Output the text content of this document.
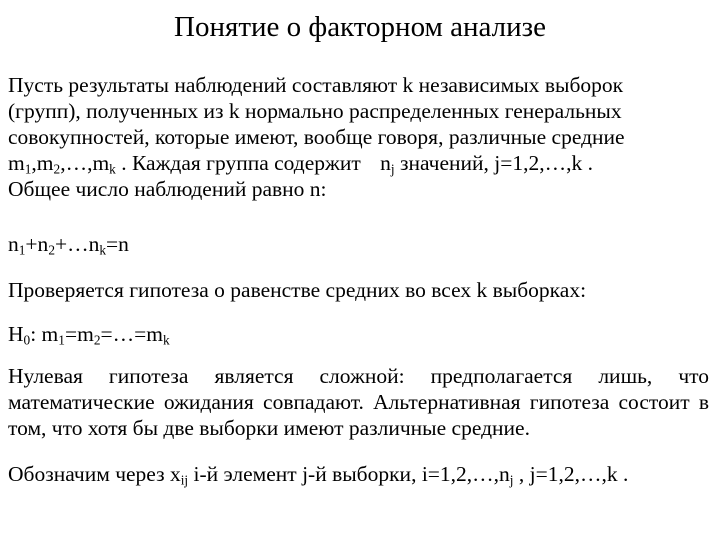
Понятие о факторном анализе
Пусть результаты наблюдений составляют k независимых выборок
(групп), полученных из k нормально распределенных генеральных
совокупностей, которые имеют, вообще говоря, различные средние
$m_1,m_2,\dots,m_k$ . Каждая группа содержит $n_j$ значений, j=1,2,…,k .
Общее число наблюдений равно n:
$n_1+n_2+\dots n_k=n$
Проверяется гипотеза о равенстве средних во всех k выборках:
$H_0$: $m_1=m_2=\dots=m_k$
Нулевая гипотеза является сложной: предполагается лишь, что математические ожидания совпадают. Альтернативная гипотеза состоит в том, что хотя бы две выборки имеют различные средние.
Обозначим через $x_{ij}$ i-й элемент j-й выборки, $i=1,2,\dots,n_j$ , j=1,2,…,k .
